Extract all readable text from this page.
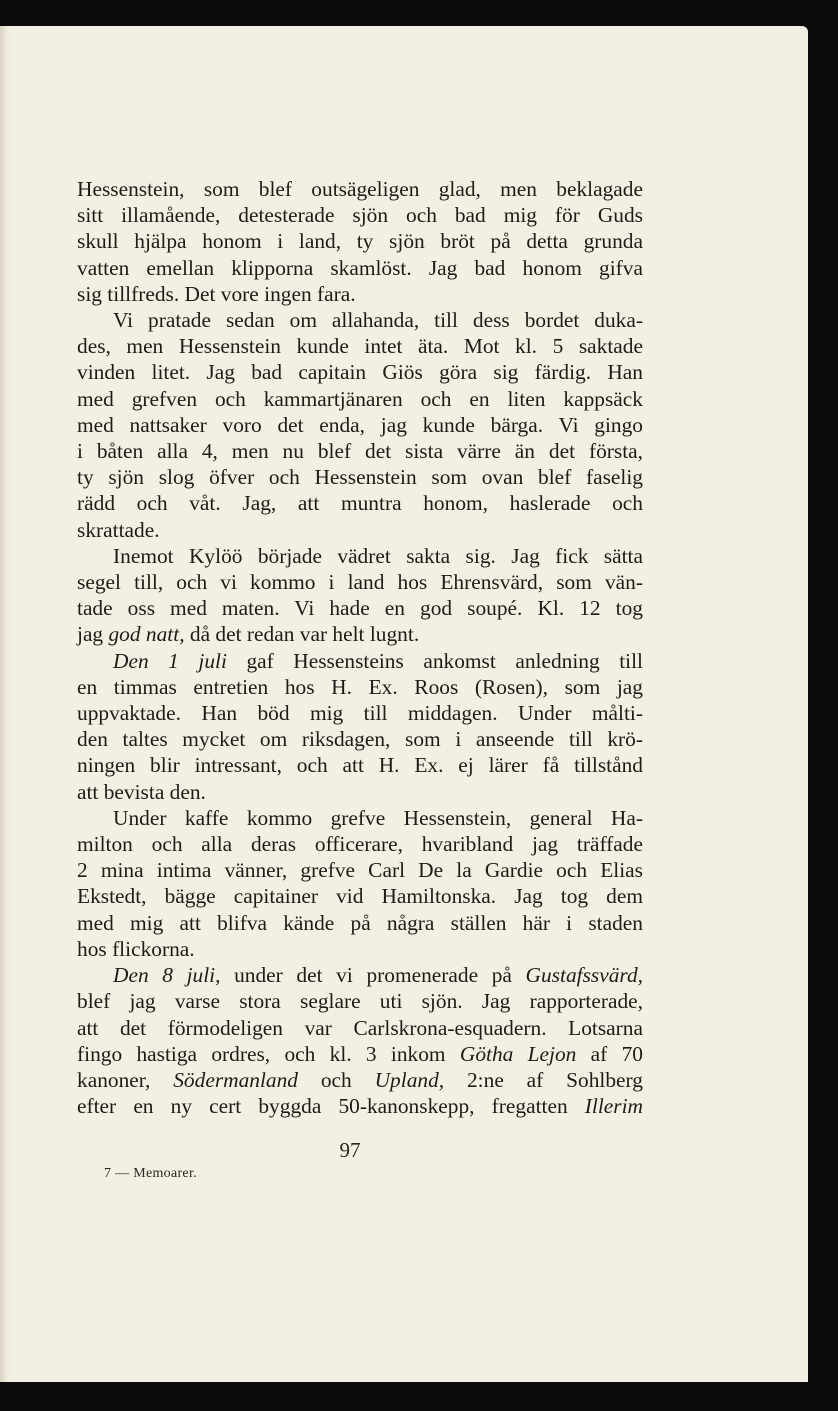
Hessenstein, som blef outsägeligen glad, men beklagade

sitt illamående, detesterade sjön och bad mig för Guds

skull hjälpa honom i land, ty sjön bröt på detta grunda

vatten emellan klipporna skamlöst. Jag bad honom gifva

sig tillfreds. Det vore ingen fara.

Vi pratade sedan om allahanda, till dess bordet duka-

des, men Hessenstein kunde intet äta. Mot kl. 5 saktade

vinden litet. Jag bad capitain Giös göra sig färdig. Han

med grefven och kammartjänaren och en liten kappsäck

med nattsaker voro det enda, jag kunde bärga. Vi gingo

i båten alla 4, men nu blef det sista värre än det första,

ty sjön slog öfver och Hessenstein som ovan blef faselig

rädd och våt. Jag, att muntra honom, haslerade och

skrattade.

Inemot Kylöö började vädret sakta sig. Jag fick sätta

segel till, och vi kommo i land hos Ehrensvärd, som vän-

tade oss med maten. Vi hade en god soupé. Kl. 12 tog

jag god natt, då det redan var helt lugnt.

Den 1 juli gaf Hessensteins ankomst anledning till

en timmas entretien hos H. Ex. Roos (Rosen), som jag

uppvaktade. Han böd mig till middagen. Under målti-

den taltes mycket om riksdagen, som i anseende till krö-

ningen blir intressant, och att H. Ex. ej lärer få tillstånd

att bevista den.

Under kaffe kommo grefve Hessenstein, general Ha-

milton och alla deras officerare, hvaribland jag träffade

2 mina intima vänner, grefve Carl De la Gardie och Elias

Ekstedt, bägge capitainer vid Hamiltonska. Jag tog dem

med mig att blifva kände på några ställen här i staden

hos flickorna.

Den 8 juli, under det vi promenerade på Gustafssvärd,

blef jag varse stora seglare uti sjön. Jag rapporterade,

att det förmodeligen var Carlskrona-esquadern. Lotsarna

fingo hastiga ordres, och kl. 3 inkom Götha Lejon af 70

kanoner, Södermanland och Upland, 2:ne af Sohlberg

efter en ny cert byggda 50-kanonskepp, fregatten Illerim

97
7 — Memoarer.
